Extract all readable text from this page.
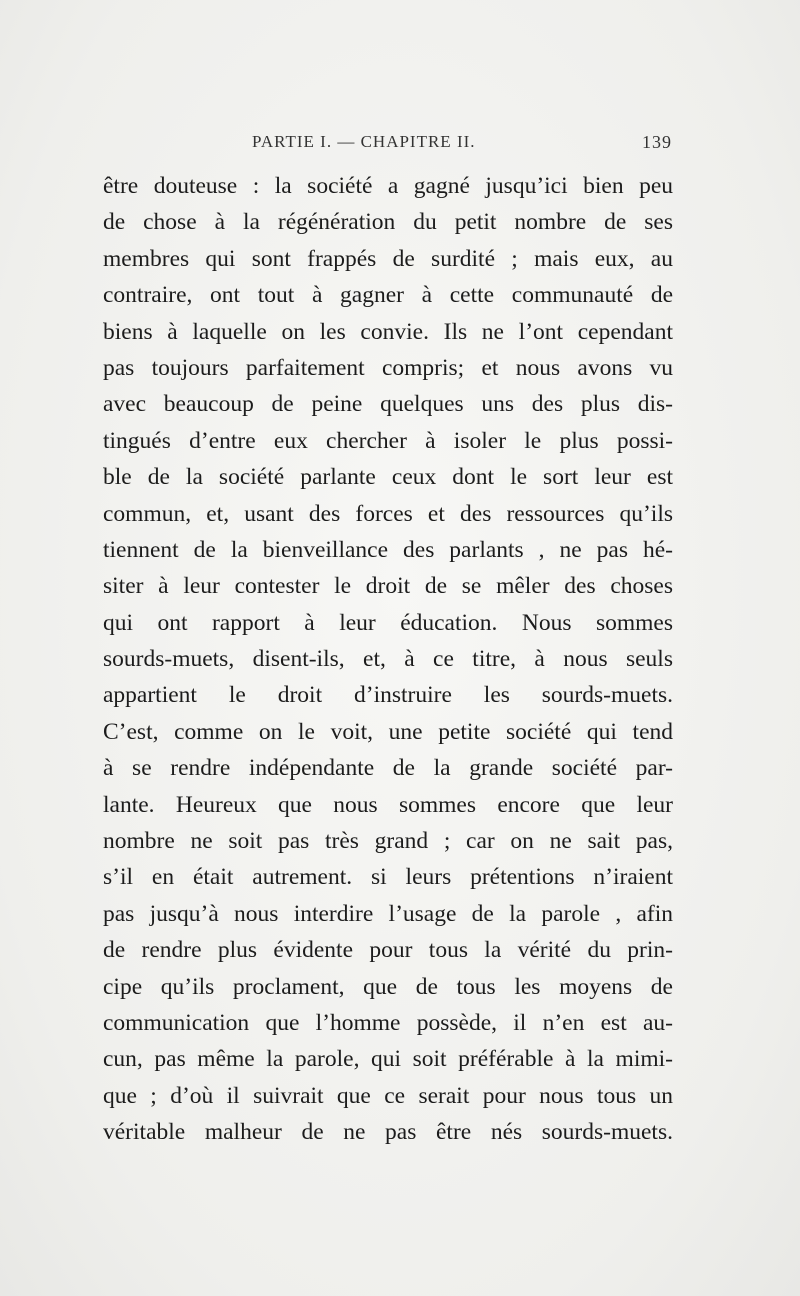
PARTIE I. — CHAPITRE II.	139
être douteuse : la société a gagné jusqu’ici bien peu
de chose à la régénération du petit nombre de ses
membres qui sont frappés de surdité ; mais eux, au
contraire, ont tout à gagner à cette communauté de
biens à laquelle on les convie. Ils ne l’ont cependant
pas toujours parfaitement compris; et nous avons vu
avec beaucoup de peine quelques uns des plus dis-
tingués d’entre eux chercher à isoler le plus possi-
ble de la société parlante ceux dont le sort leur est
commun, et, usant des forces et des ressources qu’ils
tiennent de la bienveillance des parlants , ne pas hé-
siter à leur contester le droit de se mêler des choses
qui ont rapport à leur éducation. Nous sommes
sourds-muets, disent-ils, et, à ce titre, à nous seuls
appartient le droit d’instruire les sourds-muets.
C’est, comme on le voit, une petite société qui tend
à se rendre indépendante de la grande société par-
lante. Heureux que nous sommes encore que leur
nombre ne soit pas très grand ; car on ne sait pas,
s’il en était autrement. si leurs prétentions n’iraient
pas jusqu’à nous interdire l’usage de la parole , afin
de rendre plus évidente pour tous la vérité du prin-
cipe qu’ils proclament, que de tous les moyens de
communication que l’homme possède, il n’en est au-
cun, pas même la parole, qui soit préférable à la mimi-
que ; d’où il suivrait que ce serait pour nous tous un
véritable malheur de ne pas être nés sourds-muets.
